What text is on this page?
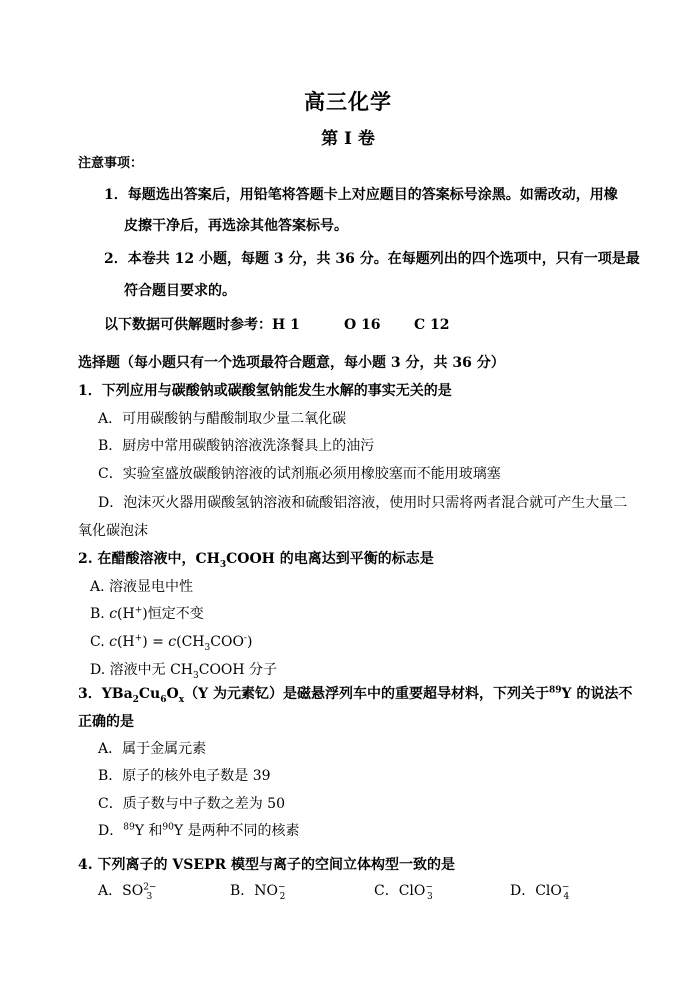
高三化学
第 I 卷
注意事项：
1．每题选出答案后，用铅笔将答题卡上对应题目的答案标号涂黑。如需改动，用橡
皮擦干净后，再选涂其他答案标号。
2．本卷共 12 小题，每题 3 分，共 36 分。在每题列出的四个选项中，只有一项是最
符合题目要求的。
以下数据可供解题时参考：H 1	O 16 C 12
选择题（每小题只有一个选项最符合题意，每小题 3 分，共 36 分）
1．下列应用与碳酸钠或碳酸氢钠能发生水解的事实无关的是
A．可用碳酸钠与醋酸制取少量二氧化碳
B．厨房中常用碳酸钠溶液洗涤餐具上的油污
C．实验室盛放碳酸钠溶液的试剂瓶必须用橡胶塞而不能用玻璃塞
D．泡沫灭火器用碳酸氢钠溶液和硫酸铝溶液，使用时只需将两者混合就可产生大量二
氧化碳泡沫
2. 在醋酸溶液中，$CH_3COOH$ 的电离达到平衡的标志是
A. 溶液显电中性
B. c(H+)恒定不变
C. $c(H^+) = c(CH_3COO^-)$
D. 溶液中无 $CH_3COOH$ 分子
3．$YBa_2Cu_6O_x(Y$ 为元素钇）是磁悬浮列车中的重要超导材料，下列关于$^{89}$Y 的说法不
正确的是
A．属于金属元素
B．原子的核外电子数是 39
C．质子数与中子数之差为 50
D．$^{89}$Y 和$^{90}$Y 是两种不同的核素
4. 下列离子的 VSEPR 模型与离子的空间立体构型一致的是
A．$SO^{2-}_3$	B．$NO^-_2$	C．ClO−$_3$	D．ClO−$_4$
